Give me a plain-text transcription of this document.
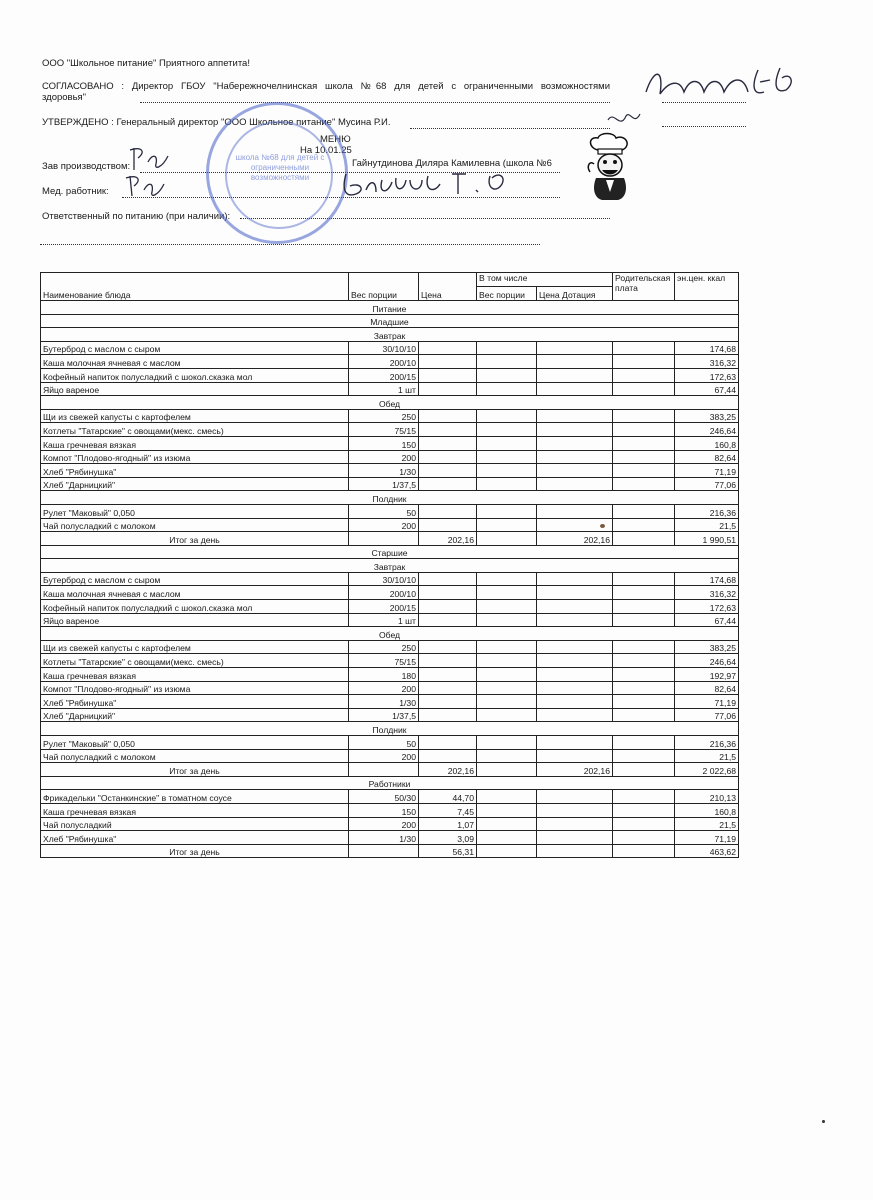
ООО "Школьное питание" Приятного аппетита!
СОГЛАСОВАНО : Директор ГБОУ "Набережночелнинская школа №68 для детей с ограниченными возможностями
здоровья"
УТВЕРЖДЕНО : Генеральный директор "ООО Школьное питание" Мусина Р.И.
МЕНЮ
На 10.01.25
Зав производством:	Гайнутдинова Диляра Камилевна (школа №6
Мед. работник:
Ответственный по питанию (при наличии):
школа №68 для детей с ограниченными возможностями
Наименование блюда	Вес порции	Цена	В том числе		Родительская плата	эн.цен. ккал
			Вес порции	Цена Дотация		
Питание						
Младшие						
Завтрак						
Бутерброд с маслом с сыром	30/10/10					174,68
Каша молочная ячневая с маслом	200/10					316,32
Кофейный напиток полусладкий с шокол.сказка мол	200/15					172,63
Яйцо вареное	1 шт					67,44
Обед						
Щи из свежей капусты с картофелем	250					383,25
Котлеты "Татарские" с овощами(мекс. смесь)	75/15					246,64
Каша гречневая вязкая	150					160,8
Компот "Плодово-ягодный" из изюма	200					82,64
Хлеб "Рябинушка"	1/30					71,19
Хлеб "Дарницкий"	1/37,5					77,06
Полдник						
Рулет "Маковый" 0,050	50					216,36
Чай полусладкий с молоком	200					21,5
Итог за день		202,16		202,16		1 990,51
Старшие						
Завтрак						
Бутерброд с маслом с сыром	30/10/10					174,68
Каша молочная ячневая с маслом	200/10					316,32
Кофейный напиток полусладкий с шокол.сказка мол	200/15					172,63
Яйцо вареное	1 шт					67,44
Обед						
Щи из свежей капусты с картофелем	250					383,25
Котлеты "Татарские" с овощами(мекс. смесь)	75/15					246,64
Каша гречневая вязкая	180					192,97
Компот "Плодово-ягодный" из изюма	200					82,64
Хлеб "Рябинушка"	1/30					71,19
Хлеб "Дарницкий"	1/37,5					77,06
Полдник						
Рулет "Маковый" 0,050	50					216,36
Чай полусладкий с молоком	200					21,5
Итог за день		202,16		202,16		2 022,68
Работники						
Фрикадельки "Останкинские" в томатном соусе	50/30	44,70				210,13
Каша гречневая вязкая	150	7,45				160,8
Чай полусладкий	200	1,07				21,5
Хлеб "Рябинушка"	1/30	3,09				71,19
Итог за день		56,31				463,62
